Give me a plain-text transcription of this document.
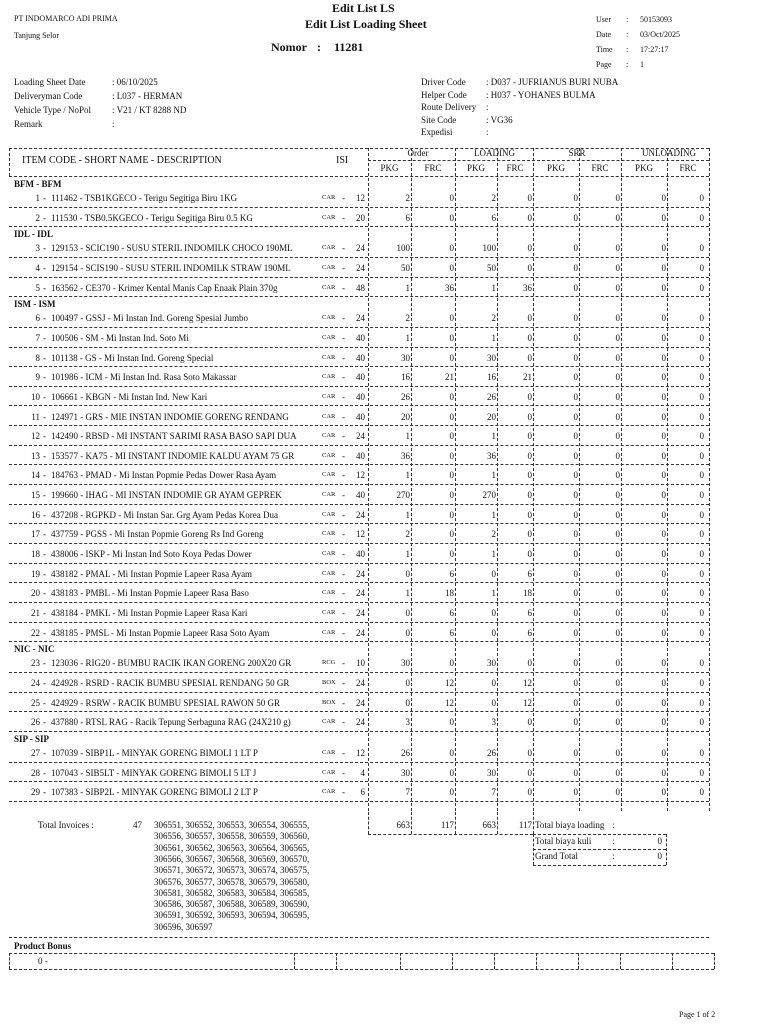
PT INDOMARCO ADI PRIMA
Tanjung Selor
Edit List LS
Edit List Loading Sheet
Nomor : 11281
User : 50153093
Date : 03/Oct/2025
Time : 17:27:17
Page : 1
Loading Sheet Date	: 06/10/2025
Deliveryman Code	: L037 - HERMAN
Vehicle Type / NoPol : V21 / KT 8288 ND
Remark	:
Driver Code : D037 - JUFRIANUS BURI NUBA
Helper Code : H037 - YOHANES BULMA
Route Delivery :
Site Code	: VG36
Expedisi	:
ITEM CODE - SHORT NAME - DESCRIPTION	ISI
Order	LOADING	SRR	UNLOADING
PKG	FRC	PKG	FRC	PKG	FRC	PKG	FRC
BFM - BFM
1 - 111462 - TSB1KGECO - Terigu Segitiga Biru 1KG	CAR -	12	2	0	2	0	0	0	0	0
2 - 111530 - TSB0.5KGECO - Terigu Segitiga Biru 0.5 KG	CAR -	20	6	0	6	0	0	0	0	0
IDL - IDL
3 - 129153 - SCIC190 - SUSU STERIL INDOMILK CHOCO 190ML	CAR -	24	100	0	100	0	0	0	0	0
4 - 129154 - SCIS190 - SUSU STERIL INDOMILK STRAW 190ML	CAR -	24	50	0	50	0	0	0	0	0
5 - 163562 - CE370 - Krimer Kental Manis Cap Enaak Plain 370g	CAR -	48	1	36	1	36	0	0	0	0
ISM - ISM
6 - 100497 - GSSJ - Mi Instan Ind. Goreng Spesial Jumbo	CAR -	24	2	0	2	0	0	0	0	0
7 - 100506 - SM - Mi Instan Ind. Soto Mi	CAR -	40	1	0	1	0	0	0	0	0
8 - 101138 - GS - Mi Instan Ind. Goreng Special	CAR -	40	30	0	30	0	0	0	0	0
9 - 101986 - ICM - Mi Instan Ind. Rasa Soto Makassar	CAR -	40	16	21	16	21	0	0	0	0
10 - 106661 - KBGN - Mi Instan Ind. New Kari	CAR -	40	26	0	26	0	0	0	0	0
11 - 124971 - GRS - MIE INSTAN INDOMIE GORENG RENDANG	CAR -	40	20	0	20	0	0	0	0	0
12 - 142490 - RBSD - MI INSTANT SARIMI RASA BASO SAPI DUA	CAR -	24	1	0	1	0	0	0	0	0
13 - 153577 - KA75 - MI INSTANT INDOMIE KALDU AYAM 75 GR	CAR -	40	36	0	36	0	0	0	0	0
14 - 184763 - PMAD - Mi Instan Popmie Pedas Dower Rasa Ayam	CAR -	12	1	0	1	0	0	0	0	0
15 - 199660 - IHAG - MI INSTAN INDOMIE GR AYAM GEPREK	CAR -	40	270	0	270	0	0	0	0	0
16 - 437208 - RGPKD - Mi Instan Sar. Grg Ayam Pedas Korea Dua	CAR -	24	1	0	1	0	0	0	0	0
17 - 437759 - PGSS - Mi Instan Popmie Goreng Rs Ind Goreng	CAR -	12	2	0	2	0	0	0	0	0
18 - 438006 - ISKP - Mi Instan Ind Soto Koya Pedas Dower	CAR -	40	1	0	1	0	0	0	0	0
19 - 438182 - PMAL - Mi Instan Popmie Lapeer Rasa Ayam	CAR -	24	0	6	0	6	0	0	0	0
20 - 438183 - PMBL - Mi Instan Popmie Lapeer Rasa Baso	CAR -	24	1	18	1	18	0	0	0	0
21 - 438184 - PMKL - Mi Instan Popmie Lapeer Rasa Kari	CAR -	24	0	6	0	6	0	0	0	0
22 - 438185 - PMSL - Mi Instan Popmie Lapeer Rasa Soto Ayam	CAR -	24	0	6	0	6	0	0	0	0
NIC - NIC
23 - 123036 - RIG20 - BUMBU RACIK IKAN GORENG 200X20 GR	RCG -	10	30	0	30	0	0	0	0	0
24 - 424928 - RSRD - RACIK BUMBU SPESIAL RENDANG 50 GR	BOX -	24	0	12	0	12	0	0	0	0
25 - 424929 - RSRW - RACIK BUMBU SPESIAL RAWON 50 GR	BOX -	24	0	12	0	12	0	0	0	0
26 - 437880 - RTSL RAG - Racik Tepung Serbaguna RAG (24X210 g)	CAR -	24	3	0	3	0	0	0	0	0
SIP - SIP
27 - 107039 - SIBP1L - MINYAK GORENG BIMOLI 1 LT P	CAR -	12	26	0	26	0	0	0	0	0
28 - 107043 - SIB5LT - MINYAK GORENG BIMOLI 5 LT J	CAR -	4	30	0	30	0	0	0	0	0
29 - 107383 - SIBP2L - MINYAK GORENG BIMOLI 2 LT P	CAR -	6	7	0	7	0	0	0	0	0
Total Invoices :	47 306551, 306552, 306553, 306554, 306555,
306556, 306557, 306558, 306559, 306560,
306561, 306562, 306563, 306564, 306565,
306566, 306567, 306568, 306569, 306570,
306571, 306572, 306573, 306574, 306575,
306576, 306577, 306578, 306579, 306580,
306581, 306582, 306583, 306584, 306585,
306586, 306587, 306588, 306589, 306590,
306591, 306592, 306593, 306594, 306595,
306596, 306597
663	117	663	117 Total biaya loading :
Total biaya kuli :	0
Grand Total	:	0
Product Bonus
0 -
Page 1 of 2
